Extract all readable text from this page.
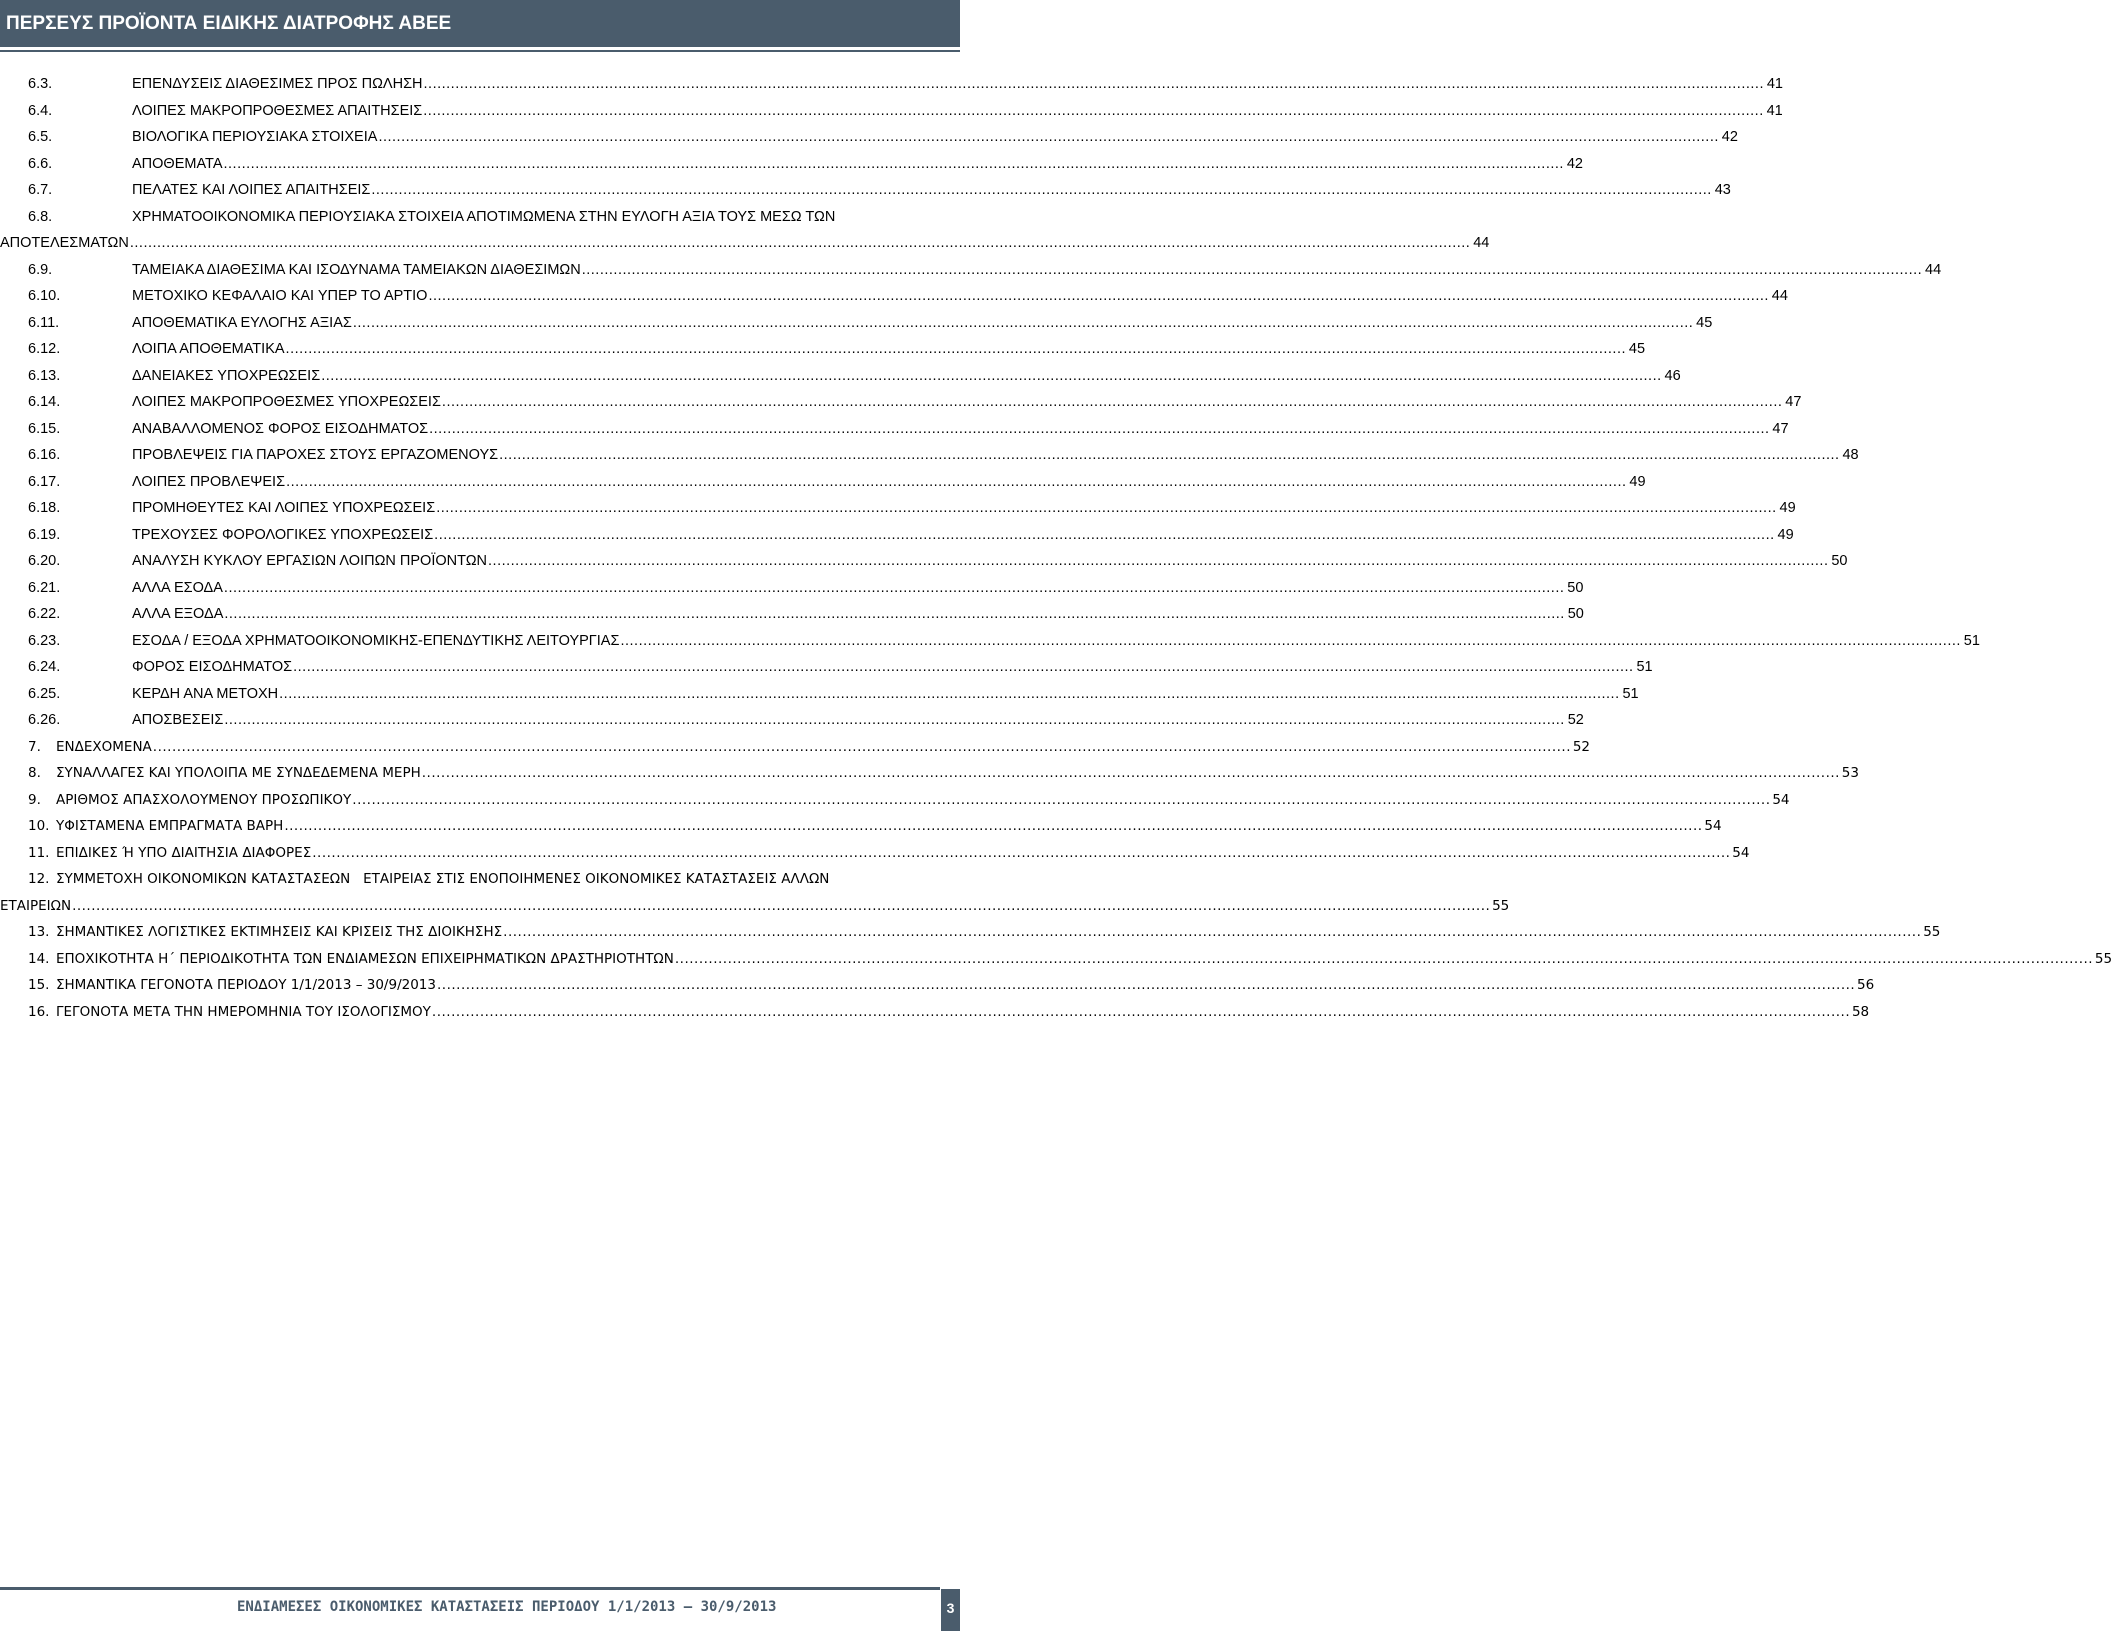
ΠΕΡΣΕΥΣ ΠΡΟΪΟΝΤΑ ΕΙΔΙΚΗΣ ΔΙΑΤΡΟΦΗΣ ΑΒΕΕ
6.3.	ΕΠΕΝΔΥΣΕΙΣ ΔΙΑΘΕΣΙΜΕΣ ΠΡΟΣ ΠΩΛΗΣΗ .....	41
6.4.	ΛΟΙΠΕΣ ΜΑΚΡΟΠΡΟΘΕΣΜΕΣ ΑΠΑΙΤΗΣΕΙΣ .....	41
6.5.	ΒΙΟΛΟΓΙΚΑ ΠΕΡΙΟΥΣΙΑΚΑ ΣΤΟΙΧΕΙΑ .....	42
6.6.	ΑΠΟΘΕΜΑΤΑ .....	42
6.7.	ΠΕΛΑΤΕΣ ΚΑΙ ΛΟΙΠΕΣ ΑΠΑΙΤΗΣΕΙΣ .....	43
6.8.	ΧΡΗΜΑΤΟΟΙΚΟΝΟΜΙΚΑ ΠΕΡΙΟΥΣΙΑΚΑ ΣΤΟΙΧΕΙΑ ΑΠΟΤΙΜΩΜΕΝΑ ΣΤΗΝ ΕΥΛΟΓΗ ΑΞΙΑ ΤΟΥΣ ΜΕΣΩ ΤΩΝ
ΑΠΟΤΕΛΕΣΜΑΤΩΝ .....	44
6.9.	ΤΑΜΕΙΑΚΑ ΔΙΑΘΕΣΙΜΑ ΚΑΙ ΙΣΟΔΥΝΑΜΑ ΤΑΜΕΙΑΚΩΝ ΔΙΑΘΕΣΙΜΩΝ .....	44
6.10.	ΜΕΤΟΧΙΚΟ ΚΕΦΑΛΑΙΟ ΚΑΙ ΥΠΕΡ ΤΟ ΑΡΤΙΟ .....	44
6.11.	ΑΠΟΘΕΜΑΤΙΚΑ ΕΥΛΟΓΗΣ ΑΞΙΑΣ .....	45
6.12.	ΛΟΙΠΑ ΑΠΟΘΕΜΑΤΙΚΑ .....	45
6.13.	ΔΑΝΕΙΑΚΕΣ ΥΠΟΧΡΕΩΣΕΙΣ .....	46
6.14.	ΛΟΙΠΕΣ ΜΑΚΡΟΠΡΟΘΕΣΜΕΣ ΥΠΟΧΡΕΩΣΕΙΣ .....	47
6.15.	ΑΝΑΒΑΛΛΟΜΕΝΟΣ ΦΟΡΟΣ ΕΙΣΟΔΗΜΑΤΟΣ .....	47
6.16.	ΠΡΟΒΛΕΨΕΙΣ ΓΙΑ ΠΑΡΟΧΕΣ ΣΤΟΥΣ ΕΡΓΑΖΟΜΕΝΟΥΣ .....	48
6.17.	ΛΟΙΠΕΣ ΠΡΟΒΛΕΨΕΙΣ .....	49
6.18.	ΠΡΟΜΗΘΕΥΤΕΣ ΚΑΙ ΛΟΙΠΕΣ ΥΠΟΧΡΕΩΣΕΙΣ .....	49
6.19.	ΤΡΕΧΟΥΣΕΣ ΦΟΡΟΛΟΓΙΚΕΣ ΥΠΟΧΡΕΩΣΕΙΣ .....	49
6.20.	ΑΝΑΛΥΣΗ ΚΥΚΛΟΥ ΕΡΓΑΣΙΩΝ ΛΟΙΠΩΝ ΠΡΟΪΟΝΤΩΝ .....	50
6.21.	ΑΛΛΑ ΕΣΟΔΑ .....	50
6.22.	ΑΛΛΑ ΕΞΟΔΑ .....	50
6.23.	ΕΣΟΔΑ / ΕΞΟΔΑ ΧΡΗΜΑΤΟΟΙΚΟΝΟΜΙΚΗΣ-ΕΠΕΝΔΥΤΙΚΗΣ ΛΕΙΤΟΥΡΓΙΑΣ .....	51
6.24.	ΦΟΡΟΣ ΕΙΣΟΔΗΜΑΤΟΣ .....	51
6.25.	ΚΕΡΔΗ ΑΝΑ ΜΕΤΟΧΗ .....	51
6.26.	ΑΠΟΣΒΕΣΕΙΣ .....	52
7.	ΕΝΔΕΧΟΜΕΝΑ .....	52
8.	ΣΥΝΑΛΛΑΓΕΣ ΚΑΙ ΥΠΟΛΟΙΠΑ ΜΕ ΣΥΝΔΕΔΕΜΕΝΑ ΜΕΡΗ .....	53
9.	ΑΡΙΘΜΟΣ ΑΠΑΣΧΟΛΟΥΜΕΝΟΥ ΠΡΟΣΩΠΙΚΟΥ .....	54
10. ΥΦΙΣΤΑΜΕΝΑ ΕΜΠΡΑΓΜΑΤΑ ΒΑΡΗ .....	54
11. ΕΠΙΔΙΚΕΣ Ή ΥΠΟ ΔΙΑΙΤΗΣΙΑ ΔΙΑΦΟΡΕΣ .....	54
12. ΣΥΜΜΕΤΟΧΗ ΟΙΚΟΝΟΜΙΚΩΝ ΚΑΤΑΣΤΑΣΕΩΝ   ΕΤΑΙΡΕΙΑΣ ΣΤΙΣ ΕΝΟΠΟΙΗΜΕΝΕΣ ΟΙΚΟΝΟΜΙΚΕΣ ΚΑΤΑΣΤΑΣΕΙΣ ΑΛΛΩΝ
ΕΤΑΙΡΕΙΩΝ .....	55
13. ΣΗΜΑΝΤΙΚΕΣ ΛΟΓΙΣΤΙΚΕΣ ΕΚΤΙΜΗΣΕΙΣ ΚΑΙ ΚΡΙΣΕΙΣ ΤΗΣ ΔΙΟΙΚΗΣΗΣ .....	55
14. ΕΠΟΧΙΚΟΤΗΤΑ Η΄ ΠΕΡΙΟΔΙΚΟΤΗΤΑ ΤΩΝ ΕΝΔΙΑΜΕΣΩΝ ΕΠΙΧΕΙΡΗΜΑΤΙΚΩΝ ΔΡΑΣΤΗΡΙΟΤΗΤΩΝ .....	55
15. ΣΗΜΑΝΤΙΚΑ ΓΕΓΟΝΟΤΑ ΠΕΡΙΟΔΟΥ 1/1/2013 – 30/9/2013 .....	56
16. ΓΕΓΟΝΟΤΑ ΜΕΤΑ ΤΗΝ ΗΜΕΡΟΜΗΝΙΑ ΤΟΥ ΙΣΟΛΟΓΙΣΜΟΥ .....	58
ΕΝΔΙΑΜΕΣΕΣ ΟΙΚΟΝΟΜΙΚΕΣ ΚΑΤΑΣΤΑΣΕΙΣ ΠΕΡΙΟΔΟΥ 1/1/2013 – 30/9/2013	3
